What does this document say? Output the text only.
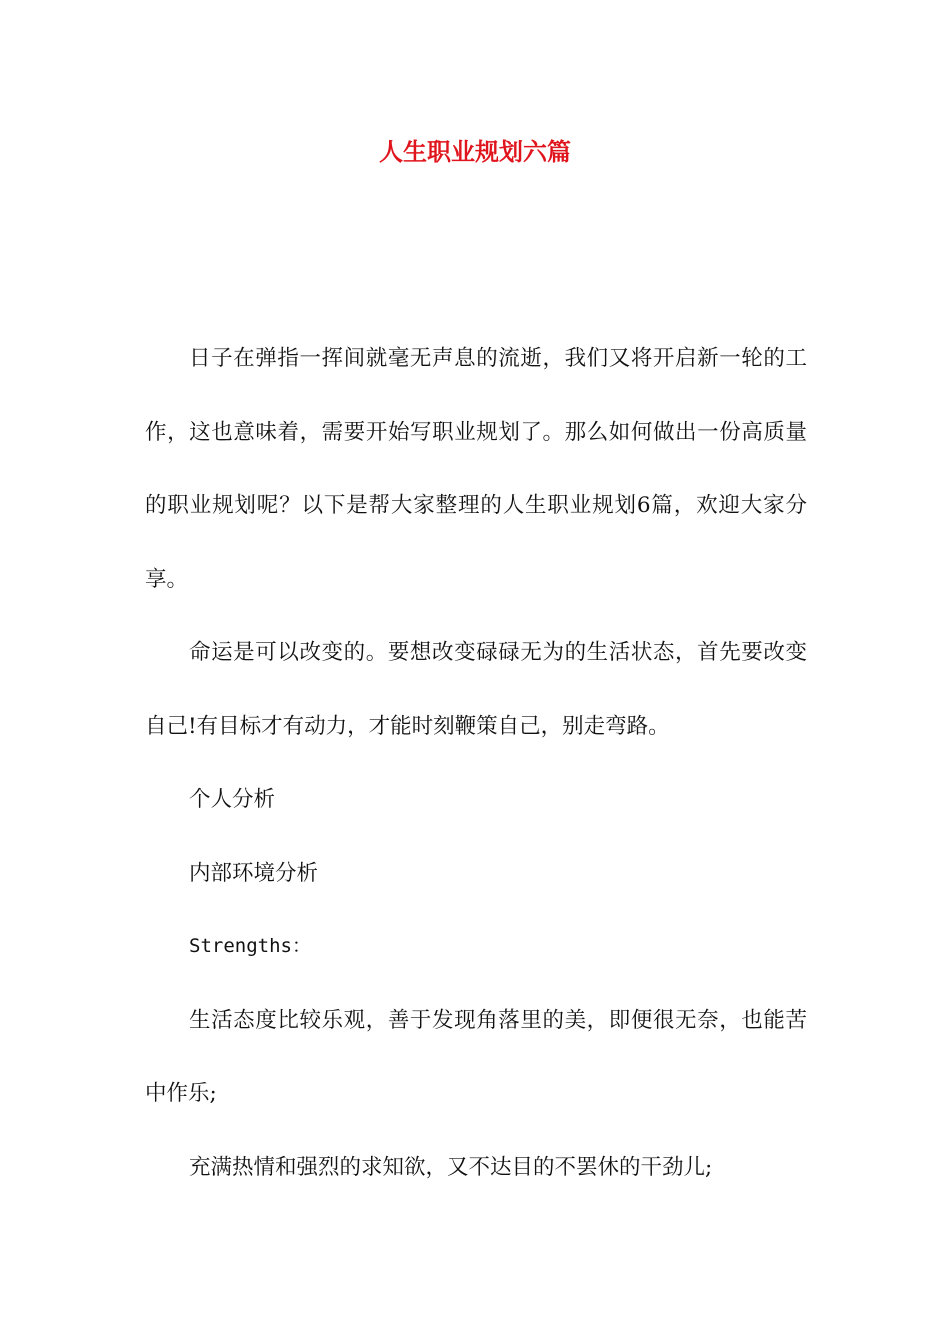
人生职业规划六篇

日子在弹指一挥间就毫无声息的流逝，我们又将开启新一轮的工作，这也意味着，需要开始写职业规划了。那么如何做出一份高质量的职业规划呢？以下是帮大家整理的人生职业规划6篇，欢迎大家分享。

命运是可以改变的。要想改变碌碌无为的生活状态，首先要改变自己!有目标才有动力，才能时刻鞭策自己，别走弯路。

个人分析

内部环境分析

Strengths：

生活态度比较乐观，善于发现角落里的美，即便很无奈，也能苦中作乐;

充满热情和强烈的求知欲，又不达目的不罢休的干劲儿;
